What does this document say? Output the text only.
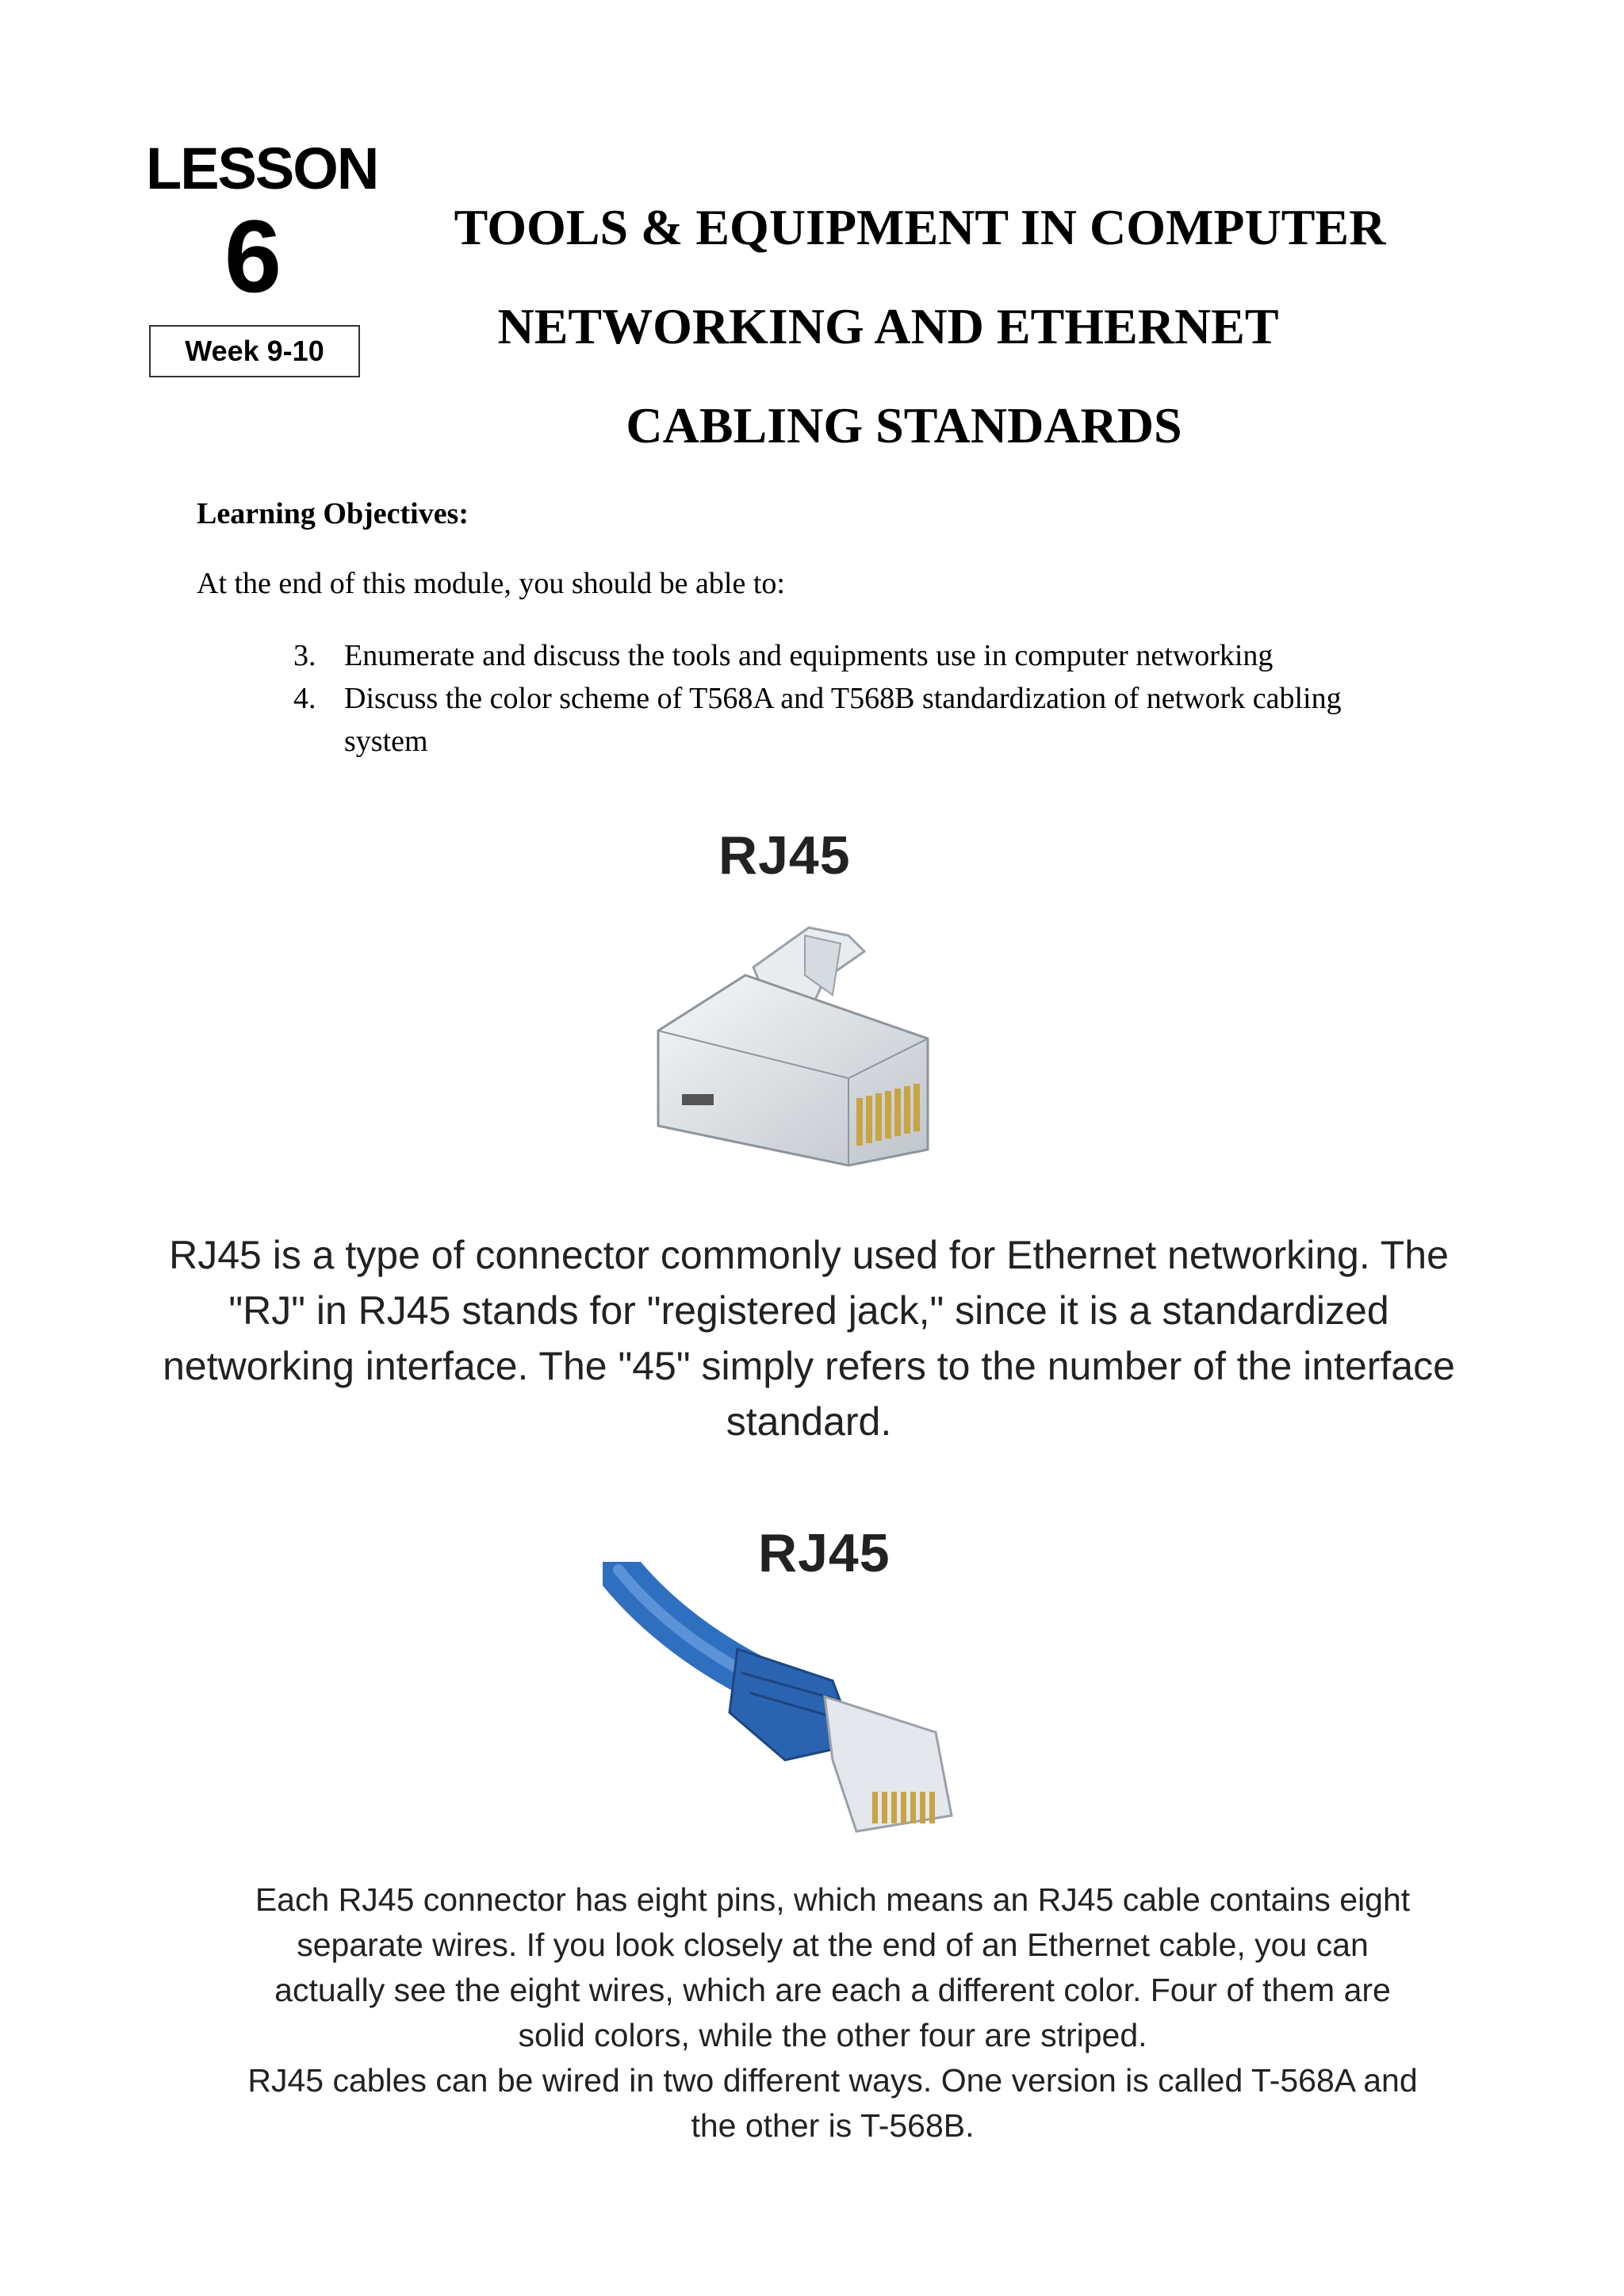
LESSON
6
Week 9-10
TOOLS & EQUIPMENT IN COMPUTER
NETWORKING AND ETHERNET
CABLING STANDARDS
Learning Objectives:
At the end of this module, you should be able to:
3. Enumerate and discuss the tools and equipments use in computer networking
4. Discuss the color scheme of T568A and T568B standardization of network cabling system
RJ45
RJ45 is a type of connector commonly used for Ethernet networking. The "RJ" in RJ45 stands for "registered jack," since it is a standardized networking interface. The "45" simply refers to the number of the interface standard.
RJ45
Each RJ45 connector has eight pins, which means an RJ45 cable contains eight
separate wires. If you look closely at the end of an Ethernet cable, you can
actually see the eight wires, which are each a different color. Four of them are
solid colors, while the other four are striped.
RJ45 cables can be wired in two different ways. One version is called T-568A and
the other is T-568B.
